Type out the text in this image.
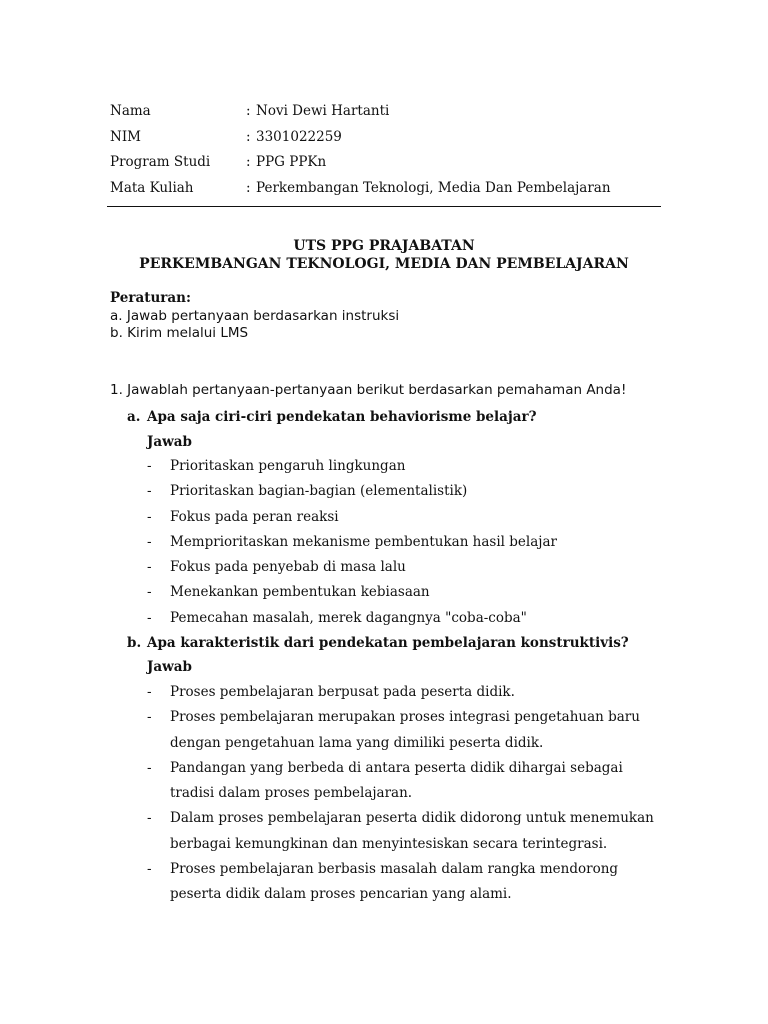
Nama	: Novi Dewi Hartanti
NIM	: 3301022259
Program Studi	: PPG PPKn
Mata Kuliah	: Perkembangan Teknologi, Media Dan Pembelajaran
UTS PPG PRAJABATAN
PERKEMBANGAN TEKNOLOGI, MEDIA DAN PEMBELAJARAN
Peraturan:
a. Jawab pertanyaan berdasarkan instruksi
b. Kirim melalui LMS
1. Jawablah pertanyaan-pertanyaan berikut berdasarkan pemahaman Anda!
a. Apa saja ciri-ciri pendekatan behaviorisme belajar?
Jawab
-	Prioritaskan pengaruh lingkungan
-	Prioritaskan bagian-bagian (elementalistik)
-	Fokus pada peran reaksi
-	Memprioritaskan mekanisme pembentukan hasil belajar
-	Fokus pada penyebab di masa lalu
-	Menekankan pembentukan kebiasaan
-	Pemecahan masalah, merek dagangnya "coba-coba"
b. Apa karakteristik dari pendekatan pembelajaran konstruktivis?
Jawab
-	Proses pembelajaran berpusat pada peserta didik.
-	Proses pembelajaran merupakan proses integrasi pengetahuan baru dengan pengetahuan lama yang dimiliki peserta didik.
-	Pandangan yang berbeda di antara peserta didik dihargai sebagai tradisi dalam proses pembelajaran.
-	Dalam proses pembelajaran peserta didik didorong untuk menemukan berbagai kemungkinan dan menyintesiskan secara terintegrasi.
-	Proses pembelajaran berbasis masalah dalam rangka mendorong peserta didik dalam proses pencarian yang alami.
